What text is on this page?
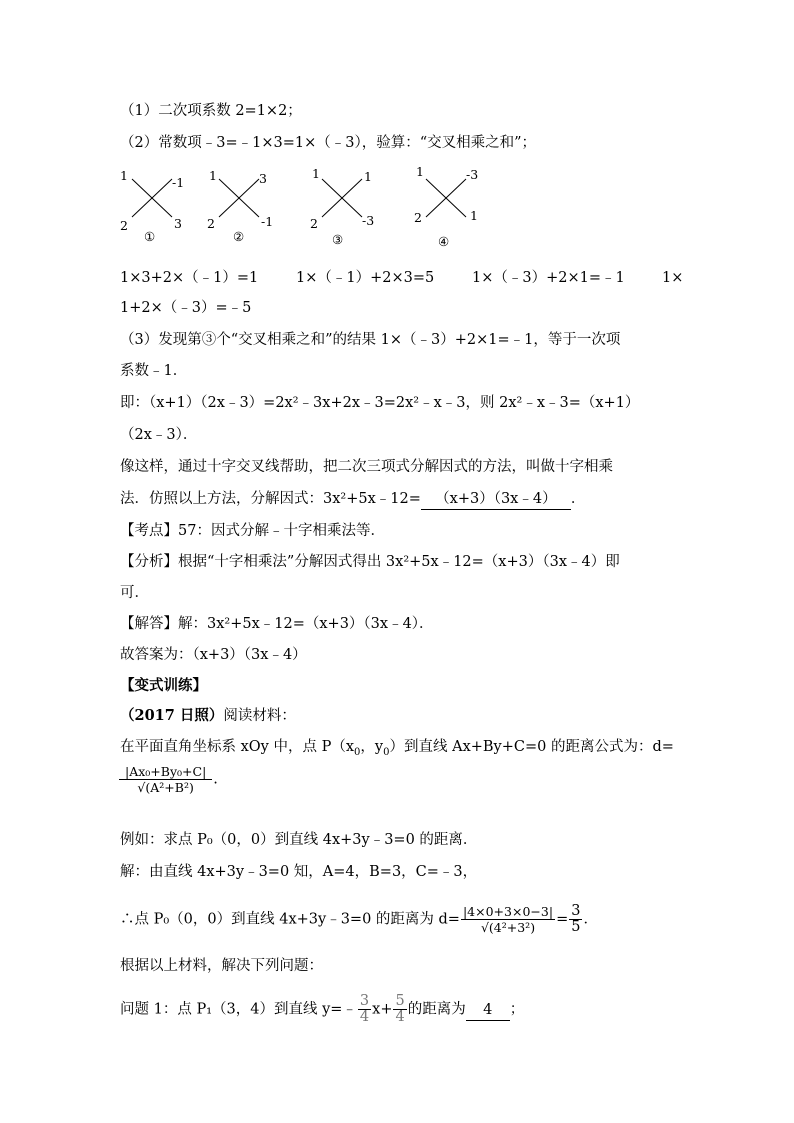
（1）二次项系数 2=1×2；
（2）常数项﹣3=﹣1×3=1×（﹣3），验算：“交叉相乘之和”；
1	-1
2	3
①
1	3
2	-1
②
1	1
2	-3
③
1	-3
2	1
④
1×3+2×（﹣1）=1	1×（﹣1）+2×3=5	1×（﹣3）+2×1=﹣1	1×
1+2×（﹣3）=﹣5
（3）发现第③个“交叉相乘之和”的结果 1×（﹣3）+2×1=﹣1，等于一次项
系数﹣1．
即：（x+1）（2x﹣3）=2x²﹣3x+2x﹣3=2x²﹣x﹣3，则 2x²﹣x﹣3=（x+1）
（2x﹣3）．
像这样，通过十字交叉线帮助，把二次三项式分解因式的方法，叫做十字相乘
法．仿照以上方法，分解因式：3x²+5x﹣12= （x+3）（3x﹣4） ．
【考点】57：因式分解﹣十字相乘法等．
【分析】根据“十字相乘法”分解因式得出 3x²+5x﹣12=（x+3）（3x﹣4）即
可．
【解答】解：3x²+5x﹣12=（x+3）（3x﹣4）．
故答案为：（x+3）（3x﹣4）
【变式训练】
（2017 日照）阅读材料：
在平面直角坐标系 xOy 中，点 $P(x_0$，$y_0$）到直线 Ax+By+C=0 的距离公式为：d=
$\frac{\text{|Ax₀+By₀+C|}}{\text{√(A²+B²)}}$ .
例如：求点 P₀（0，0）到直线 4x+3y﹣3=0 的距离．
解：由直线 4x+3y﹣3=0 知，A=4，B=3，C=﹣3，
∴点 P₀（0，0）到直线 4x+3y﹣3=0 的距离为 $d= \frac{|4\times 0+3\times 0-3|}{\text{√(4²+3²)}} = \frac{3}{5}$ ．
根据以上材料，解决下列问题：
问题 1：点 P₁（3，4）到直线 y=﹣ $\frac{3}{4} x+ \frac{5}{4}$ 的距离为 4 ；
